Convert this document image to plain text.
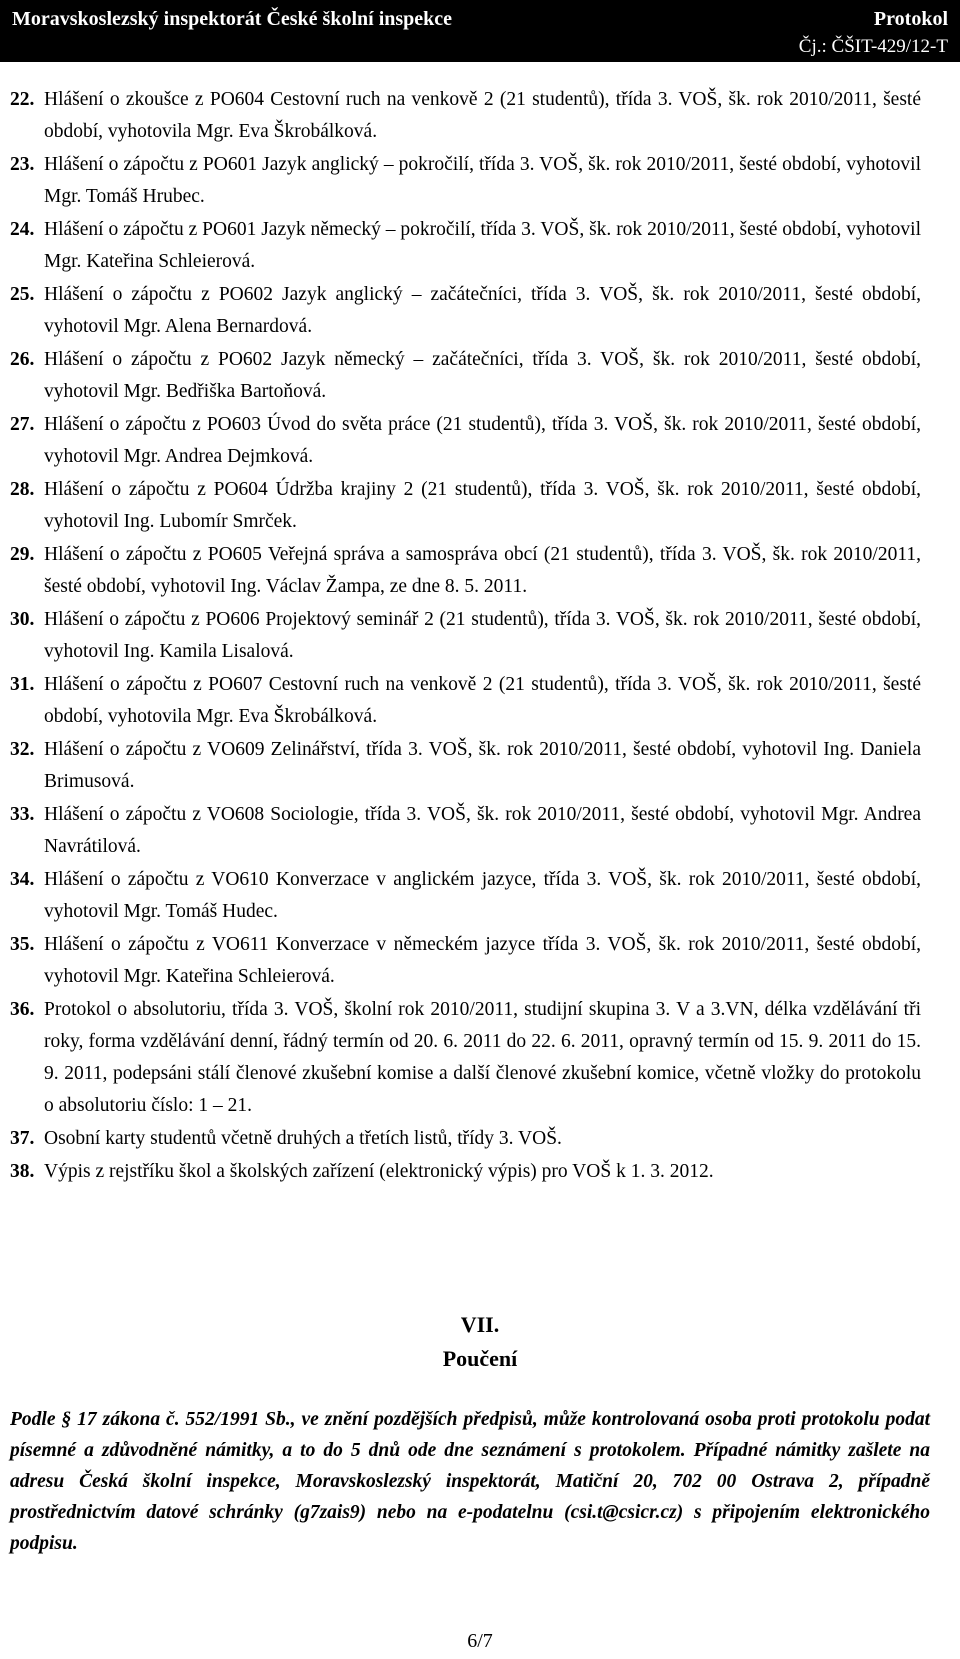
Moravskoslezský inspektorát České školní inspekce	Protokol
Čj.: ČŠIT-429/12-T
22. Hlášení o zkoušce z PO604 Cestovní ruch na venkově 2 (21 studentů), třída 3. VOŠ, šk. rok 2010/2011, šesté období, vyhotovila Mgr. Eva Škrobálková.
23. Hlášení o zápočtu z PO601 Jazyk anglický – pokročilí, třída 3. VOŠ, šk. rok 2010/2011, šesté období, vyhotovil Mgr. Tomáš Hrubec.
24. Hlášení o zápočtu z PO601 Jazyk německý – pokročilí, třída 3. VOŠ, šk. rok 2010/2011, šesté období, vyhotovil Mgr. Kateřina Schleierová.
25. Hlášení o zápočtu z PO602 Jazyk anglický – začátečníci, třída 3. VOŠ, šk. rok 2010/2011, šesté období, vyhotovil Mgr. Alena Bernardová.
26. Hlášení o zápočtu z PO602 Jazyk německý – začátečníci, třída 3. VOŠ, šk. rok 2010/2011, šesté období, vyhotovil Mgr. Bedřiška Bartoňová.
27. Hlášení o zápočtu z PO603 Úvod do světa práce (21 studentů), třída 3. VOŠ, šk. rok 2010/2011, šesté období, vyhotovil Mgr. Andrea Dejmková.
28. Hlášení o zápočtu z PO604 Údržba krajiny 2 (21 studentů), třída 3. VOŠ, šk. rok 2010/2011, šesté období, vyhotovil Ing. Lubomír Smrček.
29. Hlášení o zápočtu z PO605 Veřejná správa a samospráva obcí (21 studentů), třída 3. VOŠ, šk. rok 2010/2011, šesté období, vyhotovil Ing. Václav Žampa, ze dne 8. 5. 2011.
30. Hlášení o zápočtu z PO606 Projektový seminář 2 (21 studentů), třída 3. VOŠ, šk. rok 2010/2011, šesté období, vyhotovil Ing. Kamila Lisalová.
31. Hlášení o zápočtu z PO607 Cestovní ruch na venkově 2 (21 studentů), třída 3. VOŠ, šk. rok 2010/2011, šesté období, vyhotovila Mgr. Eva Škrobálková.
32. Hlášení o zápočtu z VO609 Zelinářství, třída 3. VOŠ, šk. rok 2010/2011, šesté období, vyhotovil Ing. Daniela Brimusová.
33. Hlášení o zápočtu z VO608 Sociologie, třída 3. VOŠ, šk. rok 2010/2011, šesté období, vyhotovil Mgr. Andrea Navrátilová.
34. Hlášení o zápočtu z VO610 Konverzace v anglickém jazyce, třída 3. VOŠ, šk. rok 2010/2011, šesté období, vyhotovil Mgr. Tomáš Hudec.
35. Hlášení o zápočtu z VO611 Konverzace v německém jazyce třída 3. VOŠ, šk. rok 2010/2011, šesté období, vyhotovil Mgr. Kateřina Schleierová.
36. Protokol o absolutoriu, třída 3. VOŠ, školní rok 2010/2011, studijní skupina 3. V a 3.VN, délka vzdělávání tři roky, forma vzdělávání denní, řádný termín od 20. 6. 2011 do 22. 6. 2011, opravný termín od 15. 9. 2011 do 15. 9. 2011, podepsáni stálí členové zkušební komise a další členové zkušební komice, včetně vložky do protokolu o absolutoriu číslo: 1 – 21.
37. Osobní karty studentů včetně druhých a třetích listů, třídy 3. VOŠ.
38. Výpis z rejstříku škol a školských zařízení (elektronický výpis) pro VOŠ k 1. 3. 2012.
VII.
Poučení
Podle § 17 zákona č. 552/1991 Sb., ve znění pozdějších předpisů, může kontrolovaná osoba proti protokolu podat písemné a zdůvodněné námitky, a to do 5 dnů ode dne seznámení s protokolem. Případné námitky zašlete na adresu Česká školní inspekce, Moravskoslezský inspektorát, Matiční 20, 702 00 Ostrava 2, případně prostřednictvím datové schránky (g7zais9) nebo na e-podatelnu (csi.t@csicr.cz) s připojením elektronického podpisu.
6/7
